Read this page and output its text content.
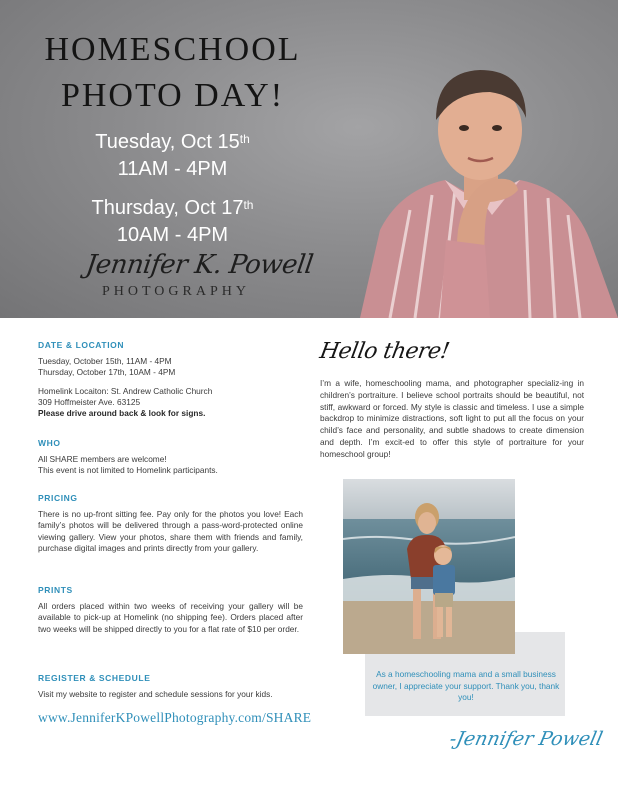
HOMESCHOOL
PHOTO DAY!
Tuesday, Oct 15th
11AM - 4PM
Thursday, Oct 17th
10AM - 4PM
Jennifer K. Powell
PHOTOGRAPHY
DATE & LOCATION

Tuesday, October 15th, 11AM - 4PM

Thursday, October 17th, 10AM - 4PM

Homelink Locaiton: St. Andrew Catholic Church

309 Hoffmeister Ave. 63125

Please drive around back & look for signs.

WHO

All SHARE members are welcome!

This event is not limited to Homelink participants.

PRICING

There is no up-front sitting fee. Pay only for the photos you love! Each family’s photos will be delivered through a pass-word-protected online viewing gallery. View your photos, share them with friends and family, purchase digital images and prints directly from your gallery.

PRINTS

All orders placed within two weeks of receiving your gallery will be available to pick-up at Homelink (no shipping fee). Orders placed after two weeks will be shipped directly to you for a flat rate of $10 per order.

REGISTER & SCHEDULE

Visit my website to register and schedule sessions for your kids.

www.JenniferKPowellPhotography.com/SHARE
Hello there!

I’m a wife, homeschooling mama, and photographer specializ-ing in children’s portraiture. I believe school portraits should be beautiful, not stiff, awkward or forced. My style is classic and timeless. I use a simple backdrop to minimize distractions, soft light to put all the focus on your child’s face and personality, and subtle shadows to create dimension and depth. I’m excit-ed to offer this style of portraiture for your homeschool group!

As a homeschooling mama and a small business owner, I appreciate your support. Thank you, thank you!

-Jennifer Powell
